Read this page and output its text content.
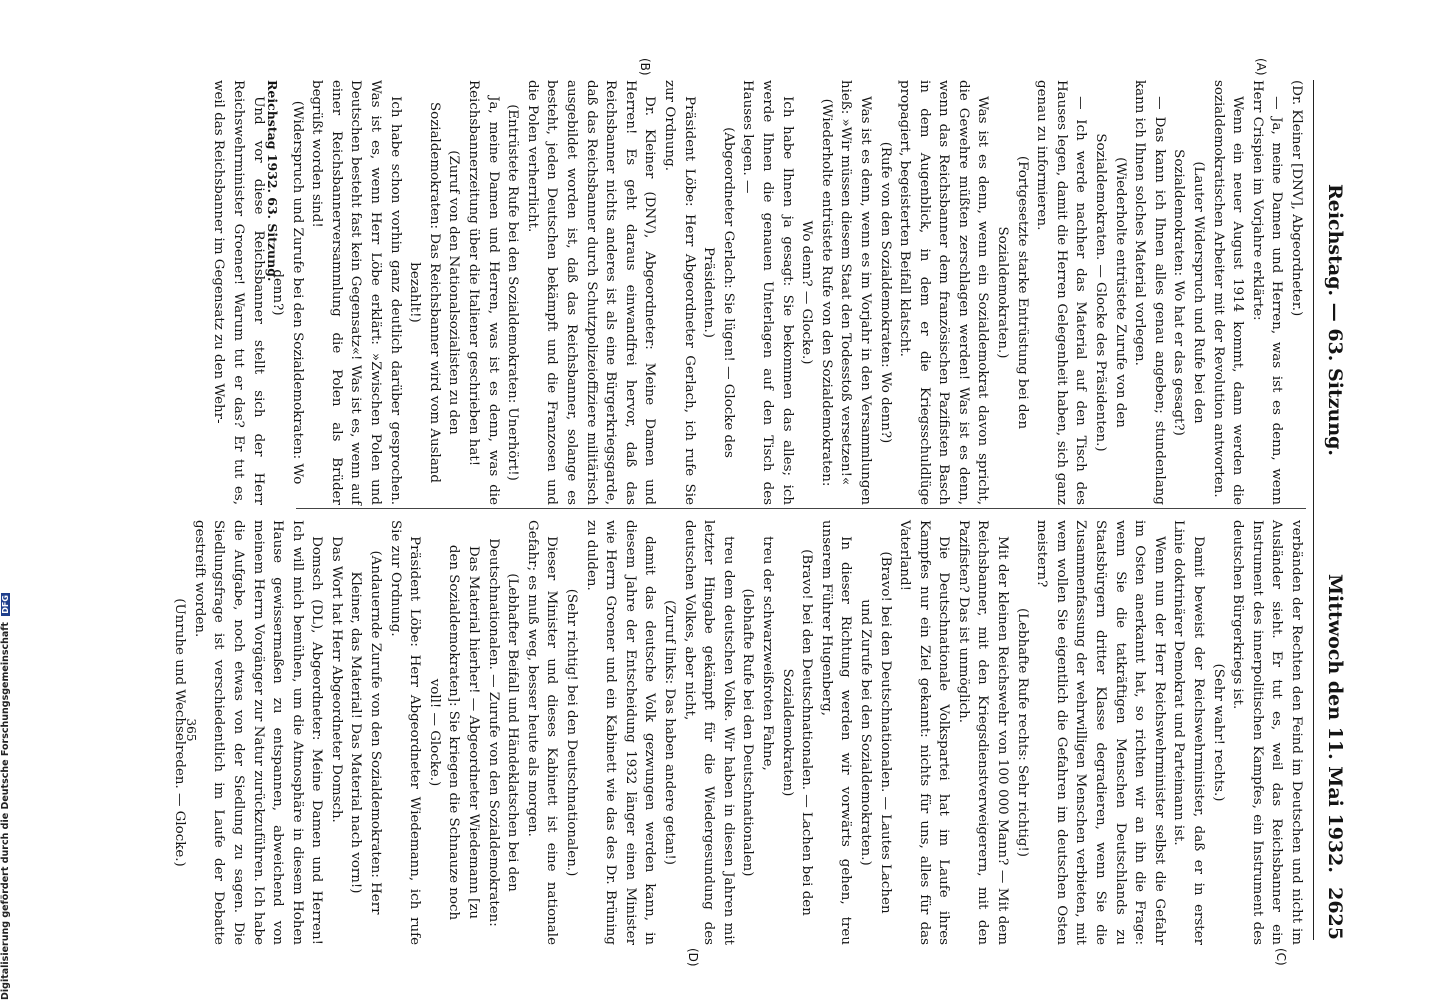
Reichstag. — 63. Sitzung.
Mittwoch den 11. Mai 1932.
2625
(A)
(B)
(C)
(D)

(Dr. Kleiner [DNV], Abgeordneter.)

— Ja, meine Damen und Herren, was ist es denn, wenn Herr Crispien im Vorjahre erklärte:

Wenn ein neuer August 1914 kommt, dann werden die sozialdemokratischen Arbeiter mit der Revolution antworten.

(Lauter Widerspruch und Rufe bei den Sozialdemokraten: Wo hat er das gesagt?)

— Das kann ich Ihnen alles genau angeben; stundenlang kann ich Ihnen solches Material vorlegen.

(Wiederholte entrüstete Zurufe von den Sozialdemokraten. — Glocke des Präsidenten.)

— Ich werde nachher das Material auf den Tisch des Hauses legen, damit die Herren Gelegenheit haben, sich ganz genau zu informieren.

(Fortgesetzte starke Entrüstung bei den Sozialdemokraten.)

Was ist es denn, wenn ein Sozialdemokrat davon spricht, die Gewehre müßten zerschlagen werden! Was ist es denn, wenn das Reichsbanner dem französischen Pazifisten Basch in dem Augenblick, in dem er die Kriegsschuldlüge propagiert, begeisterten Beifall klatscht.

(Rufe von den Sozialdemokraten: Wo denn?)

Was ist es denn, wenn es im Vorjahr in den Versammlungen hieß: »Wir müssen diesem Staat den Todesstoß versetzen!«

(Wiederholte entrüstete Rufe von den Sozialdemokraten: Wo denn? — Glocke.)

Ich habe Ihnen ja gesagt: Sie bekommen das alles; ich werde Ihnen die genauen Unterlagen auf den Tisch des Hauses legen. —

(Abgeordneter Gerlach: Sie lügen! — Glocke des Präsidenten.)

Präsident Löbe: Herr Abgeordneter Gerlach, ich rufe Sie zur Ordnung.

Dr. Kleiner (DNV), Abgeordneter: Meine Damen und Herren! Es geht daraus einwandfrei hervor, daß das Reichsbanner nichts anderes ist als eine Bürgerkriegsgarde, daß das Reichsbanner durch Schutzpolizeioffiziere militärisch ausgebildet worden ist, daß das Reichsbanner, solange es besteht, jeden Deutschen bekämpft und die Franzosen und die Polen verherrlicht.

(Entrüstete Rufe bei den Sozialdemokraten: Unerhört!)

Ja, meine Damen und Herren, was ist es denn, was die Reichsbannerzeitung über die Italiener geschrieben hat!

(Zuruf von den Nationalsozialisten zu den Sozialdemokraten: Das Reichsbanner wird vom Ausland bezahlt!)

Ich habe schon vorhin ganz deutlich darüber gesprochen. Was ist es, wenn Herr Löbe erklärt: »Zwischen Polen und Deutschen besteht fast kein Gegensatz«! Was ist es, wenn auf einer Reichsbannerversammlung die Polen als Brüder begrüßt worden sind!

(Widerspruch und Zurufe bei den Sozialdemokraten: Wo denn?)

Und vor diese Reichsbanner stellt sich der Herr Reichswehrminister Groener! Warum tut er das? Er tut es, weil das Reichsbanner im Gegensatz zu den Wehr-

verbänden der Rechten den Feind im Deutschen und nicht im Ausländer sieht. Er tut es, weil das Reichsbanner ein Instrument des innerpolitischen Kampfes, ein Instrument des deutschen Bürgerkriegs ist.

(Sehr wahr! rechts.)

Damit beweist der Reichswehrminister, daß er in erster Linie doktrinärer Demokrat und Parteimann ist.

Wenn nun der Herr Reichswehrminister selbst die Gefahr im Osten anerkannt hat, so richten wir an ihn die Frage: wenn Sie die tatkräftigen Menschen Deutschlands zu Staatsbürgern dritter Klasse degradieren, wenn Sie die Zusammenfassung der wehrwilligen Menschen verbieten, mit wem wollen Sie eigentlich die Gefahren im deutschen Osten meistern?

(Lebhafte Rufe rechts: Sehr richtig!)

Mit der kleinen Reichswehr von 100 000 Mann? — Mit dem Reichsbanner, mit den Kriegsdienstverweigerern, mit den Pazifisten? Das ist unmöglich.

Die Deutschnationale Volkspartei hat im Laufe ihres Kampfes nur ein Ziel gekannt: nichts für uns, alles für das Vaterland!

(Bravo! bei den Deutschnationalen. — Lautes Lachen und Zurufe bei den Sozialdemokraten.)

In dieser Richtung werden wir vorwärts gehen, treu unserem Führer Hugenberg,

(Bravo! bei den Deutschnationalen. — Lachen bei den Sozialdemokraten)

treu der schwarzweißroten Fahne,

(lebhafte Rufe bei den Deutschnationalen)

treu dem deutschen Volke. Wir haben in diesen Jahren mit letzter Hingabe gekämpft für die Wiedergesundung des deutschen Volkes, aber nicht,

(Zuruf links: Das haben andere getan!)

damit das deutsche Volk gezwungen werden kann, in diesem Jahre der Entscheidung 1932 länger einen Minister wie Herrn Groener und ein Kabinett wie das des Dr. Brüning zu dulden.

(Sehr richtig! bei den Deutschnationalen.)

Dieser Minister und dieses Kabinett ist eine nationale Gefahr; es muß weg, besser heute als morgen.

(Lebhafter Beifall und Händeklatschen bei den Deutschnationalen. — Zurufe von den Sozialdemokraten: Das Material hierher! — Abgeordneter Wiedemann [zu den Sozialdemokraten]: Sie kriegen die Schnauze noch voll! — Glocke.)

Präsident Löbe: Herr Abgeordneter Wiedemann, ich rufe Sie zur Ordnung.

(Andauernde Zurufe von den Sozialdemokraten: Herr Kleiner, das Material! Das Material nach vorn!)

Das Wort hat Herr Abgeordneter Domsch.

Domsch (DL), Abgeordneter: Meine Damen und Herren! Ich will mich bemühen, um die Atmosphäre in diesem Hohen Hause gewissermaßen zu entspannen, abweichend von meinem Herrn Vorgänger zur Natur zurückzuführen. Ich habe die Aufgabe, noch etwas von der Siedlung zu sagen. Die Siedlungsfrage ist verschiedentlich im Laufe der Debatte gestreift worden.

(Unruhe und Wechselreden. — Glocke.)

Reichstag 1932. 63. Sitzung.
365
Digitalisierung gefördert durch die Deutsche Forschungsgemeinschaft DFG
